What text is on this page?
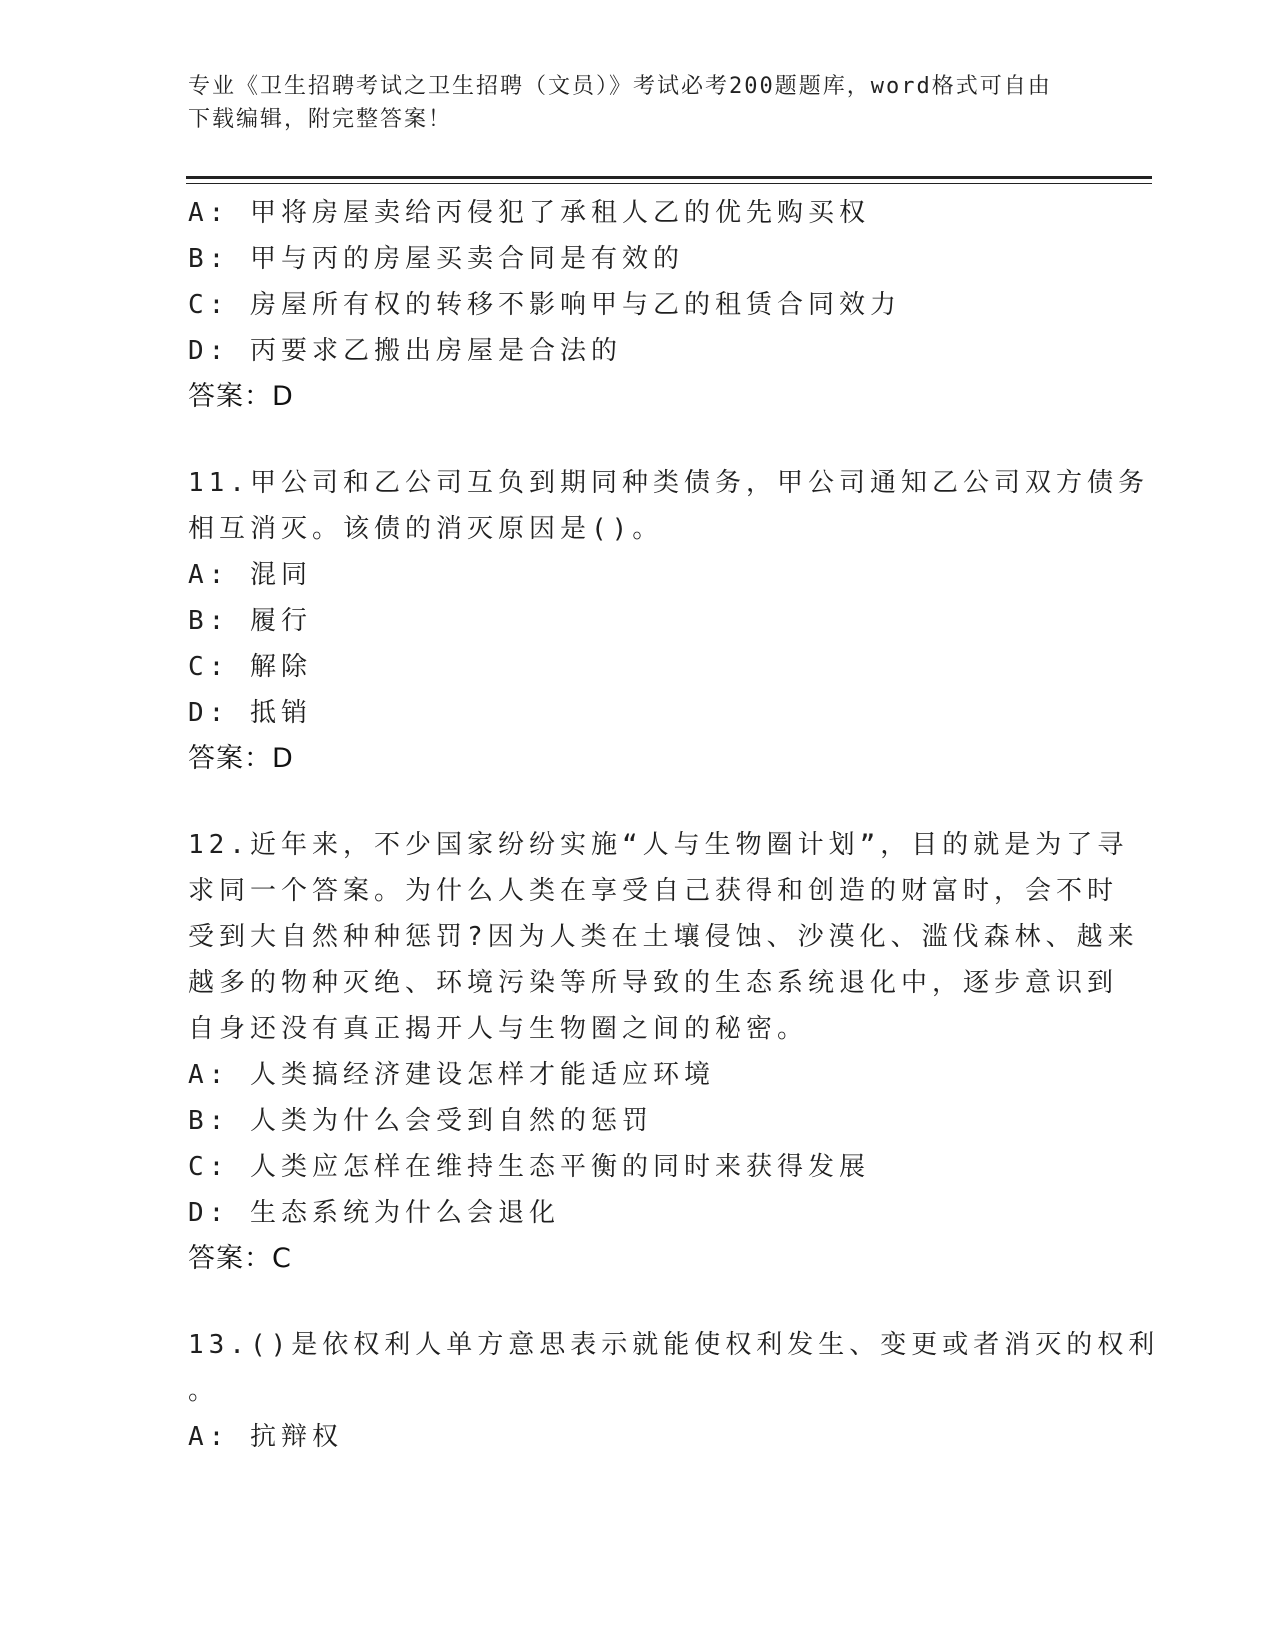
专业《卫生招聘考试之卫生招聘（文员）》考试必考200题题库，word格式可自由下载编辑，附完整答案！
A: 甲将房屋卖给丙侵犯了承租人乙的优先购买权
B: 甲与丙的房屋买卖合同是有效的
C: 房屋所有权的转移不影响甲与乙的租赁合同效力
D: 丙要求乙搬出房屋是合法的
答案：D
11.甲公司和乙公司互负到期同种类债务，甲公司通知乙公司双方债务
相互消灭。该债的消灭原因是()。
A: 混同
B: 履行
C: 解除
D: 抵销
答案：D
12.近年来，不少国家纷纷实施“人与生物圈计划”，目的就是为了寻
求同一个答案。为什么人类在享受自己获得和创造的财富时，会不时
受到大自然种种惩罚?因为人类在土壤侵蚀、沙漠化、滥伐森林、越来
越多的物种灭绝、环境污染等所导致的生态系统退化中，逐步意识到
自身还没有真正揭开人与生物圈之间的秘密。
A: 人类搞经济建设怎样才能适应环境
B: 人类为什么会受到自然的惩罚
C: 人类应怎样在维持生态平衡的同时来获得发展
D: 生态系统为什么会退化
答案：C
13.()是依权利人单方意思表示就能使权利发生、变更或者消灭的权利
。
A: 抗辩权
